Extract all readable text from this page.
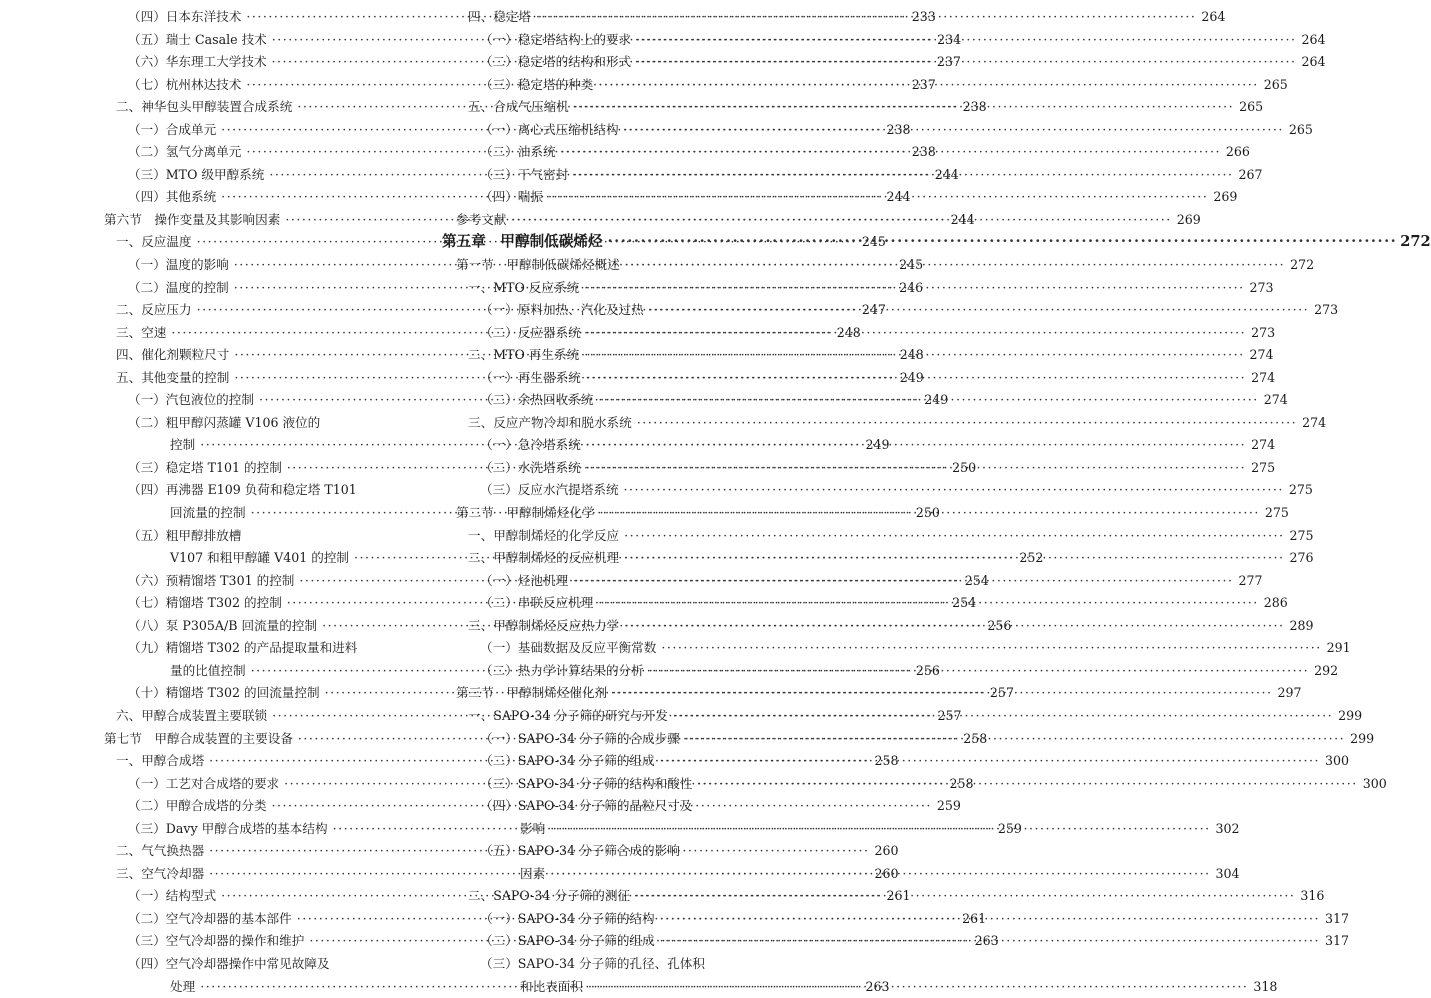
（四）日本东洋技术 ·····	233
（五）瑞士 Casale 技术 ·····	234
（六）华东理工大学技术 ·····	237
（七）杭州林达技术 ·····	237
二、神华包头甲醇装置合成系统 ·····	238
（一）合成单元 ·····	238
（二）氢气分离单元 ·····	238
（三）MTO 级甲醇系统 ·····	244
（四）其他系统 ·····	244
第六节　操作变量及其影响因素 ·····	244
一、反应温度 ·····	245
（一）温度的影响 ·····	245
（二）温度的控制 ·····	246
二、反应压力 ·····	247
三、空速 ·····	248
四、催化剂颗粒尺寸 ·····	248
五、其他变量的控制 ·····	249
（一）汽包液位的控制 ·····	249
（二）粗甲醇闪蒸罐 V106 液位的
控制 ·····	249
（三）稳定塔 T101 的控制 ·····	250
（四）再沸器 E109 负荷和稳定塔 T101
回流量的控制 ·····	250
（五）粗甲醇排放槽
V107 和粗甲醇罐 V401 的控制 ·····	252
（六）预精馏塔 T301 的控制 ·····	254
（七）精馏塔 T302 的控制 ·····	254
（八）泵 P305A/B 回流量的控制 ·····	256
（九）精馏塔 T302 的产品提取量和进料
量的比值控制 ·····	256
（十）精馏塔 T302 的回流量控制 ·····	257
六、甲醇合成装置主要联锁 ·····	257
第七节　甲醇合成装置的主要设备 ·····	258
一、甲醇合成塔 ·····	258
（一）工艺对合成塔的要求 ·····	258
（二）甲醇合成塔的分类 ·····	259
（三）Davy 甲醇合成塔的基本结构 ·····	259
二、气气换热器 ·····	260
三、空气冷却器 ·····	260
（一）结构型式 ·····	261
（二）空气冷却器的基本部件 ·····	261
（三）空气冷却器的操作和维护 ·····	263
（四）空气冷却器操作中常见故障及
处理 ·····	263
四、稳定塔 ·····	264
（一）稳定塔结构上的要求 ·····	264
（二）稳定塔的结构和形式 ·····	264
（三）稳定塔的种类 ·····	265
五、合成气压缩机 ·····	265
（一）离心式压缩机结构 ·····	265
（二）油系统 ·····	266
（三）干气密封 ·····	267
（四）喘振 ·····	269
参考文献 ·····	269
第五章　甲醇制低碳烯烃 ·····	272
第一节　甲醇制低碳烯烃概述 ·····	272
一、MTO 反应系统 ·····	273
（一）原料加热、汽化及过热 ·····	273
（二）反应器系统 ·····	273
二、MTO 再生系统 ·····	274
（一）再生器系统 ·····	274
（二）余热回收系统 ·····	274
三、反应产物冷却和脱水系统 ·····	274
（一）急冷塔系统 ·····	274
（二）水洗塔系统 ·····	275
（三）反应水汽提塔系统 ·····	275
第二节　甲醇制烯烃化学 ·····	275
一、甲醇制烯烃的化学反应 ·····	275
二、甲醇制烯烃的反应机理 ·····	276
（一）烃池机理 ·····	277
（二）串联反应机理 ·····	286
三、甲醇制烯烃反应热力学 ·····	289
（一）基础数据及反应平衡常数 ·····	291
（二）热力学计算结果的分析 ·····	292
第三节　甲醇制烯烃催化剂 ·····	297
一、SAPO-34 分子筛的研究与开发 ·····	299
（一）SAPO-34 分子筛的合成步骤 ·····	299
（二）SAPO-34 分子筛的组成 ·····	300
（三）SAPO-34 分子筛的结构和酸性 ·····	300
（四）SAPO-34 分子筛的晶粒尺寸及
影响 ·····	302
（五）SAPO-34 分子筛合成的影响
因素 ·····	304
二、SAPO-34 分子筛的测征 ·····	316
（一）SAPO-34 分子筛的结构 ·····	317
（二）SAPO-34 分子筛的组成 ·····	317
（三）SAPO-34 分子筛的孔径、孔体积
和比表面积 ·····	318
